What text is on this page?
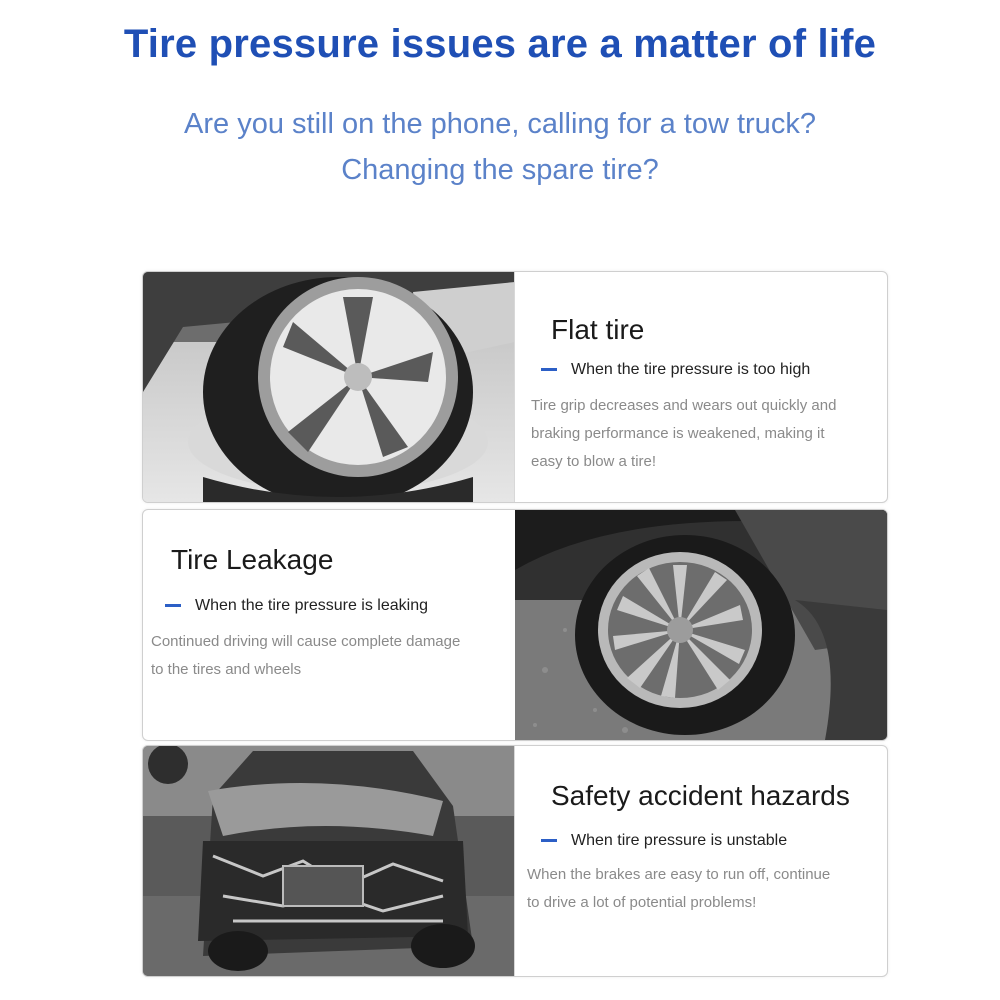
Tire pressure issues are a matter of life
Are you still on the phone, calling for a tow truck?
Changing the spare tire?
Flat tire
When the tire pressure is too high
Tire grip decreases and wears out quickly and
braking performance is weakened, making it
easy to blow a tire!
Tire Leakage
When the tire pressure is leaking
Continued driving will cause complete damage
to the tires and wheels
Safety accident hazards
When tire pressure is unstable
When the brakes are easy to run off, continue
to drive a lot of potential problems!
